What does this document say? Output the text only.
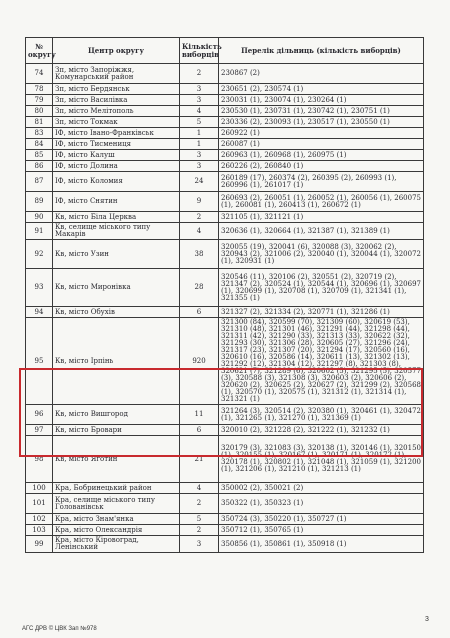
№ округу	Центр округу	Кількість виборців	Перелік дільниць (кількість виборців)
74	Зп, місто Запоріжжя, Комунарський район	2	230867 (2)
78	Зп, місто Бердянськ	3	230651 (2), 230574 (1)
79	Зп, місто Василівка	3	230031 (1), 230074 (1), 230264 (1)
80	Зп, місто Мелітополь	4	230530 (1), 230731 (1), 230742 (1), 230751 (1)
81	Зп, місто Токмак	5	230336 (2), 230093 (1), 230517 (1), 230550 (1)
83	ІФ, місто Івано-Франківськ	1	260922 (1)
84	ІФ, місто Тисмениця	1	260087 (1)
85	ІФ, місто Калуш	3	260963 (1), 260968 (1), 260975 (1)
86	ІФ, місто Долина	3	260226 (2), 260840 (1)
87	ІФ, місто Коломия	24	260189 (17), 260374 (2), 260395 (2), 260993 (1), 260996 (1), 261017 (1)
89	ІФ, місто Снятин	9	260693 (2), 260051 (1), 260052 (1), 260056 (1), 260075 (1), 260081 (1), 260413 (1), 260672 (1)
90	Кв, місто Біла Церква	2	321105 (1), 321121 (1)
91	Кв, селище міського типу Макарів	4	320636 (1), 320664 (1), 321387 (1), 321389 (1)
92	Кв, місто Узин	38	320055 (19), 320041 (6), 320088 (3), 320062 (2), 320943 (2), 321006 (2), 320040 (1), 320044 (1), 320072 (1), 320931 (1)
93	Кв, місто Миронівка	28	320546 (11), 320106 (2), 320551 (2), 320719 (2), 321347 (2), 320524 (1), 320544 (1), 320696 (1), 320697 (1), 320699 (1), 320708 (1), 320709 (1), 321341 (1), 321355 (1)
94	Кв, місто Обухів	6	321327 (2), 321334 (2), 320771 (1), 321286 (1)
95	Кв, місто Ірпінь	920	321300 (84), 320599 (70), 321309 (60), 320619 (53), 321310 (48), 321301 (46), 321291 (44), 321298 (44), 321311 (42), 321290 (33), 321313 (33), 320622 (32), 321293 (30), 321306 (28), 320605 (27), 321296 (24), 321317 (23), 321307 (20), 321294 (17), 320560 (16), 320610 (16), 320586 (14), 320611 (13), 321302 (13), 321292 (12), 321304 (12), 321297 (8), 321303 (8), 320621 (7), 321289 (6), 320602 (5), 321295 (5), 320577 (3), 320588 (3), 321308 (3), 320603 (2), 320606 (2), 320620 (2), 320625 (2), 320627 (2), 321299 (2), 320568 (1), 320570 (1), 320575 (1), 321312 (1), 321314 (1), 321321 (1)
96	Кв, місто Вишгород	11	321264 (3), 320514 (2), 320380 (1), 320461 (1), 320472 (1), 321265 (1), 321270 (1), 321369 (1)
97	Кв, місто Бровари	6	320010 (2), 321228 (2), 321222 (1), 321232 (1)
98	Кв, місто Яготин	21	320179 (3), 321083 (3), 320138 (1), 320146 (1), 320150 (1), 320155 (1), 320167 (1), 320171 (1), 320172 (1), 320178 (1), 320802 (1), 321048 (1), 321059 (1), 321200 (1), 321206 (1), 321210 (1), 321213 (1)
100	Кра, Бобринецький район	4	350002 (2), 350021 (2)
101	Кра, селище міського типу Голованівськ	2	350322 (1), 350323 (1)
102	Кра, місто Знам'янка	5	350724 (3), 350220 (1), 350727 (1)
103	Кра, місто Олександрія	2	350712 (1), 350765 (1)
99	Кра, місто Кіровоград, Ленінський	3	350856 (1), 350861 (1), 350918 (1)
АГС ДРВ © ЦВК Зап №978
3
